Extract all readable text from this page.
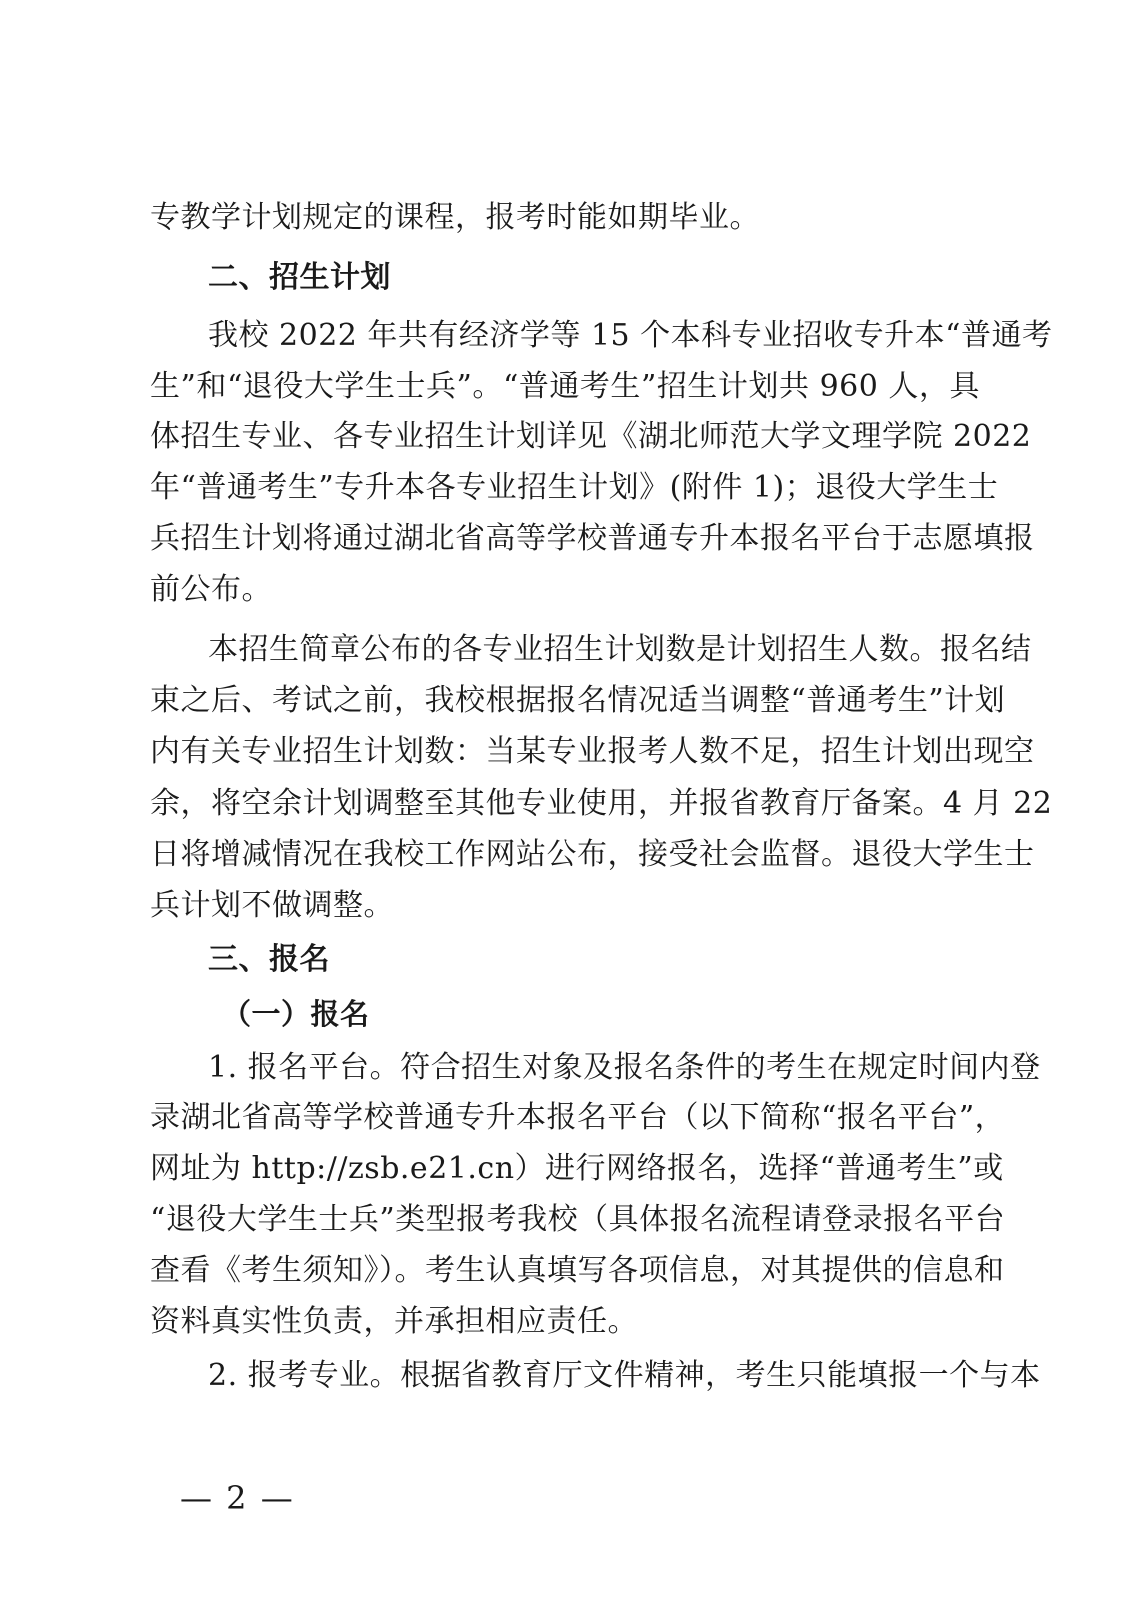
专教学计划规定的课程，报考时能如期毕业。
二、招生计划
我校 2022 年共有经济学等 15 个本科专业招收专升本“普通考
生”和“退役大学生士兵”。“普通考生”招生计划共 960 人，具
体招生专业、各专业招生计划详见《湖北师范大学文理学院 2022
年“普通考生”专升本各专业招生计划》(附件 1)；退役大学生士
兵招生计划将通过湖北省高等学校普通专升本报名平台于志愿填报
前公布。
本招生简章公布的各专业招生计划数是计划招生人数。报名结
束之后、考试之前，我校根据报名情况适当调整“普通考生”计划
内有关专业招生计划数：当某专业报考人数不足，招生计划出现空
余，将空余计划调整至其他专业使用，并报省教育厅备案。4 月 22
日将增减情况在我校工作网站公布，接受社会监督。退役大学生士
兵计划不做调整。
三、报名
（一）报名
1. 报名平台。符合招生对象及报名条件的考生在规定时间内登
录湖北省高等学校普通专升本报名平台（以下简称“报名平台”，
网址为 http://zsb.e21.cn）进行网络报名，选择“普通考生”或
“退役大学生士兵”类型报考我校（具体报名流程请登录报名平台
查看《考生须知》）。考生认真填写各项信息，对其提供的信息和
资料真实性负责，并承担相应责任。
2. 报考专业。根据省教育厅文件精神，考生只能填报一个与本
— 2 —
